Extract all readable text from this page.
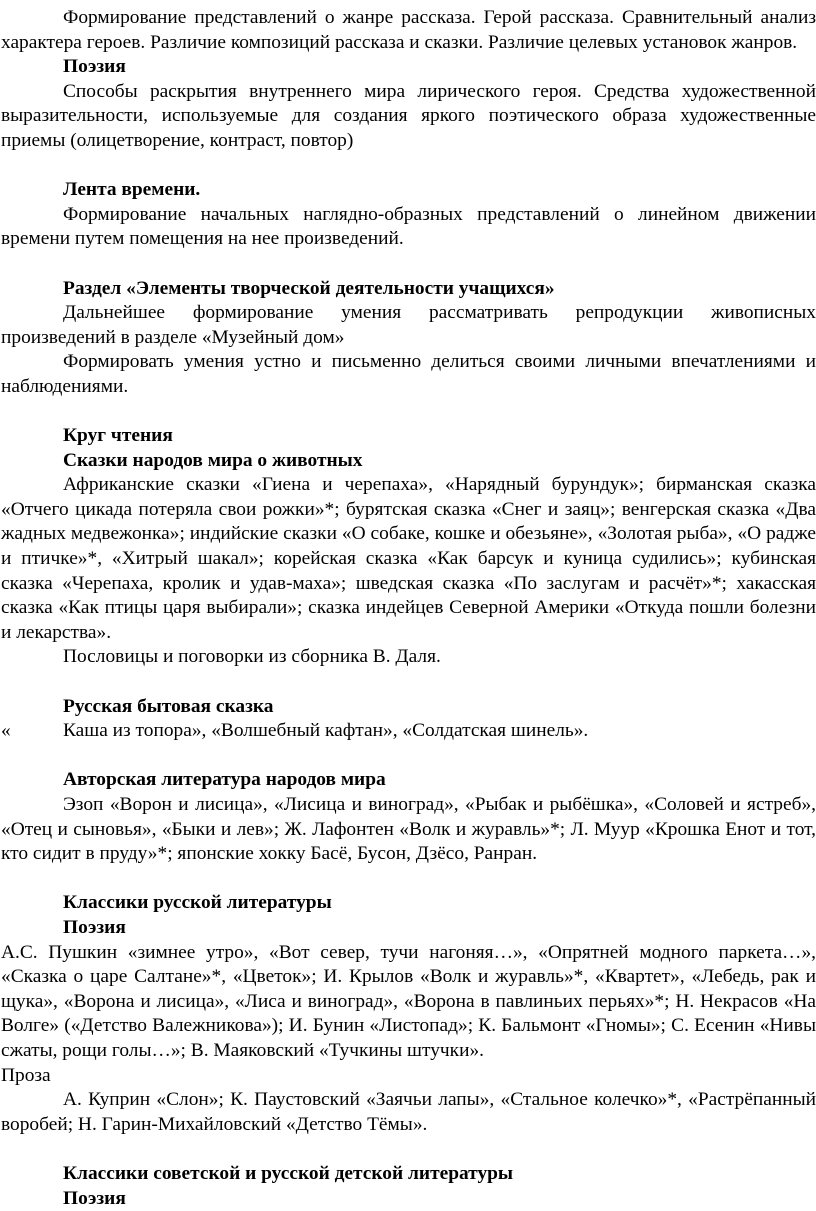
Формирование представлений о жанре рассказа. Герой рассказа. Сравнительный анализ характера героев. Различие композиций рассказа и сказки. Различие целевых установок жанров.

Поэзия

Способы раскрытия внутреннего мира лирического героя. Средства художественной выразительности, используемые для создания яркого поэтического образа художественные приемы (олицетворение, контраст, повтор)

Лента времени.

Формирование начальных наглядно-образных представлений о линейном движении времени путем помещения на нее произведений.

Раздел «Элементы творческой деятельности учащихся»

Дальнейшее формирование умения рассматривать репродукции живописных произведений в разделе «Музейный дом»

Формировать умения устно и письменно делиться своими личными впечатлениями и наблюдениями.

Круг чтения

Сказки народов мира о животных

Африканские сказки «Гиена и черепаха», «Нарядный бурундук»; бирманская сказка «Отчего цикада потеряла свои рожки»*; бурятская сказка «Снег и заяц»; венгерская сказка «Два жадных медвежонка»; индийские сказки «О собаке, кошке и обезьяне», «Золотая рыба», «О радже и птичке»*, «Хитрый шакал»; корейская сказка «Как барсук и куница судились»; кубинская сказка «Черепаха, кролик и удав-маха»; шведская сказка «По заслугам и расчёт»*; хакасская сказка «Как птицы царя выбирали»; сказка индейцев Северной Америки «Откуда пошли болезни и лекарства».

Пословицы и поговорки из сборника В. Даля.

Русская бытовая сказка

«	Каша из топора», «Волшебный кафтан», «Солдатская шинель».

Авторская литература народов мира

Эзоп «Ворон и лисица», «Лисица и виноград», «Рыбак и рыбёшка», «Соловей и ястреб», «Отец и сыновья», «Быки и лев»; Ж. Лафонтен «Волк и журавль»*; Л. Муур «Крошка Енот и тот, кто сидит в пруду»*; японские хокку Басё, Бусон, Дзёсо, Ранран.

Классики русской литературы

Поэзия

А.С. Пушкин «зимнее утро», «Вот север, тучи нагоняя…», «Опрятней модного паркета…», «Сказка о царе Салтане»*, «Цветок»; И. Крылов «Волк и журавль»*, «Квартет», «Лебедь, рак и щука», «Ворона и лисица», «Лиса и виноград», «Ворона в павлиньих перьях»*; Н. Некрасов «На Волге» («Детство Валежникова»); И. Бунин «Листопад»; К. Бальмонт «Гномы»; С. Есенин «Нивы сжаты, рощи голы…»; В. Маяковский «Тучкины штучки».

Проза

А. Куприн «Слон»; К. Паустовский «Заячьи лапы», «Стальное колечко»*, «Растрёпанный воробей; Н. Гарин-Михайловский «Детство Тёмы».

Классики советской и русской детской литературы

Поэзия
